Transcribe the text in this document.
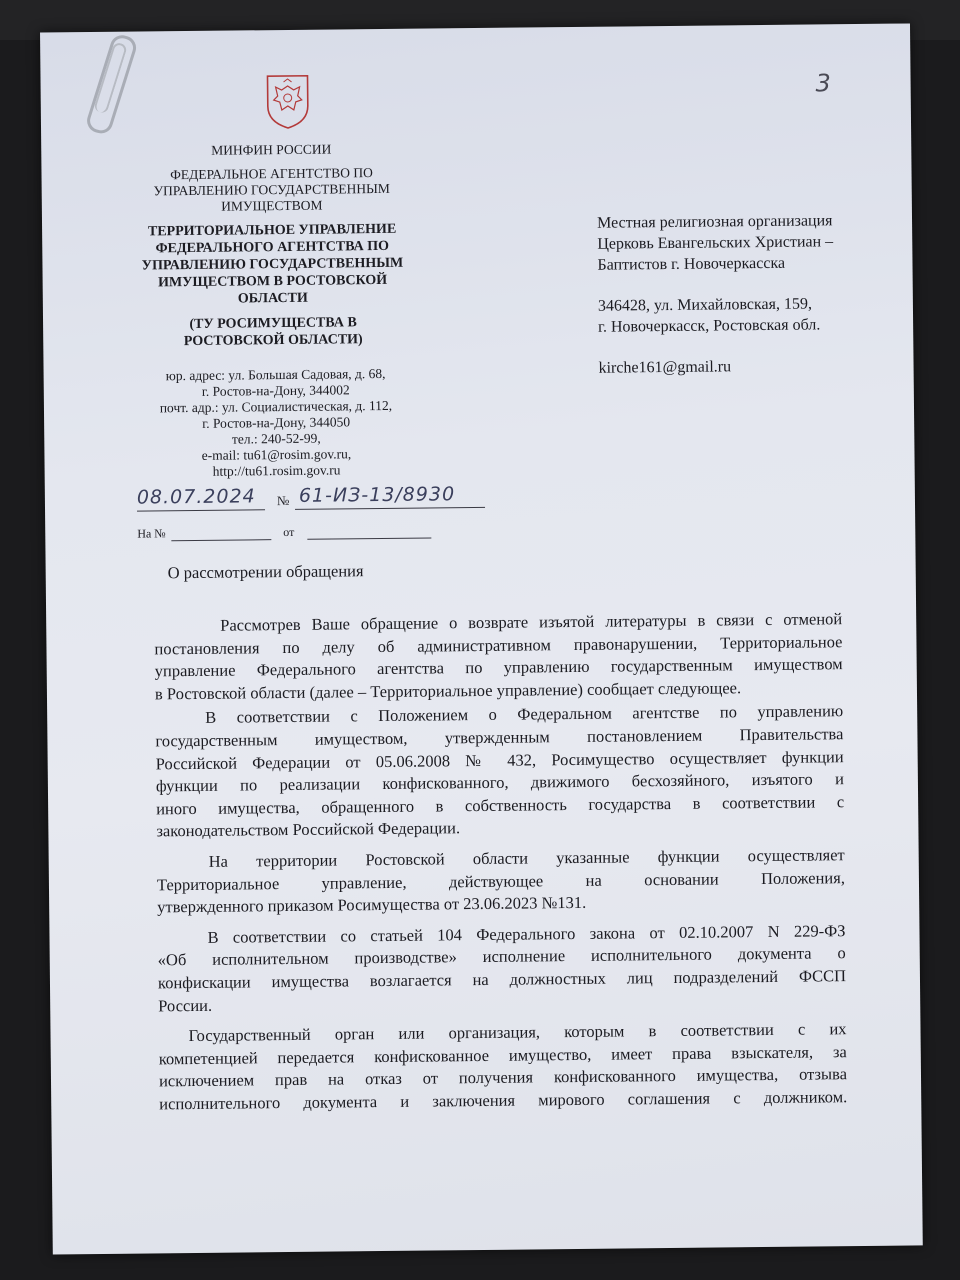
3
МИНФИН РОССИИ
ФЕДЕРАЛЬНОЕ АГЕНТСТВО ПО
УПРАВЛЕНИЮ ГОСУДАРСТВЕННЫМ
ИМУЩЕСТВОМ
ТЕРРИТОРИАЛЬНОЕ УПРАВЛЕНИЕ
ФЕДЕРАЛЬНОГО АГЕНТСТВА ПО
УПРАВЛЕНИЮ ГОСУДАРСТВЕННЫМ
ИМУЩЕСТВОМ В РОСТОВСКОЙ
ОБЛАСТИ
(ТУ РОСИМУЩЕСТВА В
РОСТОВСКОЙ ОБЛАСТИ)
юр. адрес: ул. Большая Садовая, д. 68,
г. Ростов-на-Дону, 344002
почт. адр.: ул. Социалистическая, д. 112,
г. Ростов-на-Дону, 344050
тел.: 240-52-99,
e-mail: tu61@rosim.gov.ru,
http://tu61.rosim.gov.ru
Местная религиозная организация
Церковь Евангельских Христиан –
Баптистов г. Новочеркасска
346428, ул. Михайловская, 159,
г. Новочеркасск, Ростовская обл.
kirche161@gmail.ru
08.07.2024 № 61-ИЗ-13/8930
На №	от
О рассмотрении обращения

Рассмотрев Ваше обращение о возврате изъятой литературы в связи с отменой
постановления по делу об административном правонарушении, Территориальное
управление Федерального агентства по управлению государственным имуществом
в Ростовской области (далее – Территориальное управление) сообщает следующее.

В соответствии с Положением о Федеральном агентстве по управлению
государственным имуществом, утвержденным постановлением Правительства
Российской Федерации от 05.06.2008 № 432, Росимущество осуществляет функции
функции по реализации конфискованного, движимого бесхозяйного, изъятого и
иного имущества, обращенного в собственность государства в соответствии с
законодательством Российской Федерации.

На территории Ростовской области указанные функции осуществляет
Территориальное управление, действующее на основании Положения,
утвержденного приказом Росимущества от 23.06.2023 №131.

В соответствии со статьей 104 Федерального закона от 02.10.2007 N 229-ФЗ
«Об исполнительном производстве» исполнение исполнительного документа о
конфискации имущества возлагается на должностных лиц подразделений ФССП
России.

Государственный орган или организация, которым в соответствии с их
компетенцией передается конфискованное имущество, имеет права взыскателя, за
исключением прав на отказ от получения конфискованного имущества, отзыва
исполнительного документа и заключения мирового соглашения с должником.
